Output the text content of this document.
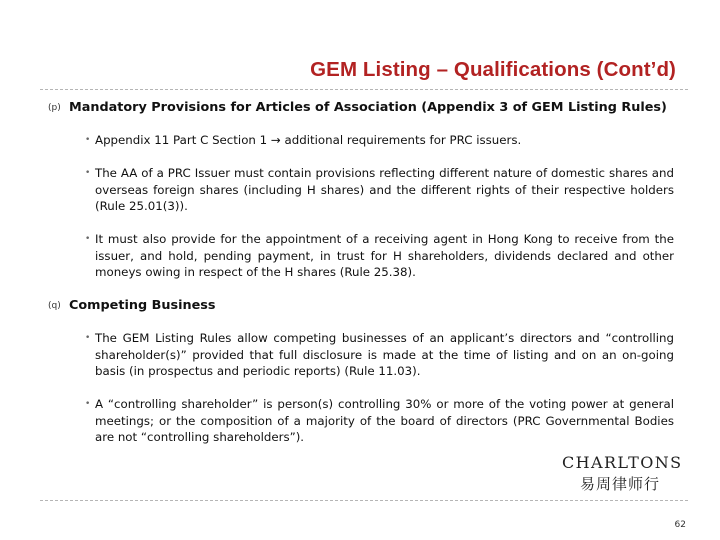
GEM Listing – Qualifications (Cont’d)
(p) Mandatory Provisions for Articles of Association (Appendix 3 of GEM Listing Rules)
• Appendix 11 Part C Section 1 → additional requirements for PRC issuers.
• The AA of a PRC Issuer must contain provisions reflecting different nature of domestic shares and overseas foreign shares (including H shares) and the different rights of their respective holders (Rule 25.01(3)).
• It must also provide for the appointment of a receiving agent in Hong Kong to receive from the issuer, and hold, pending payment, in trust for H shareholders, dividends declared and other moneys owing in respect of the H shares (Rule 25.38).
(q) Competing Business
• The GEM Listing Rules allow competing businesses of an applicant’s directors and “controlling shareholder(s)” provided that full disclosure is made at the time of listing and on an on-going basis (in prospectus and periodic reports) (Rule 11.03).
• A “controlling shareholder” is person(s) controlling 30% or more of the voting power at general meetings; or the composition of a majority of the board of directors (PRC Governmental Bodies are not “controlling shareholders”).
CHARLTONS
易周律师行
62
